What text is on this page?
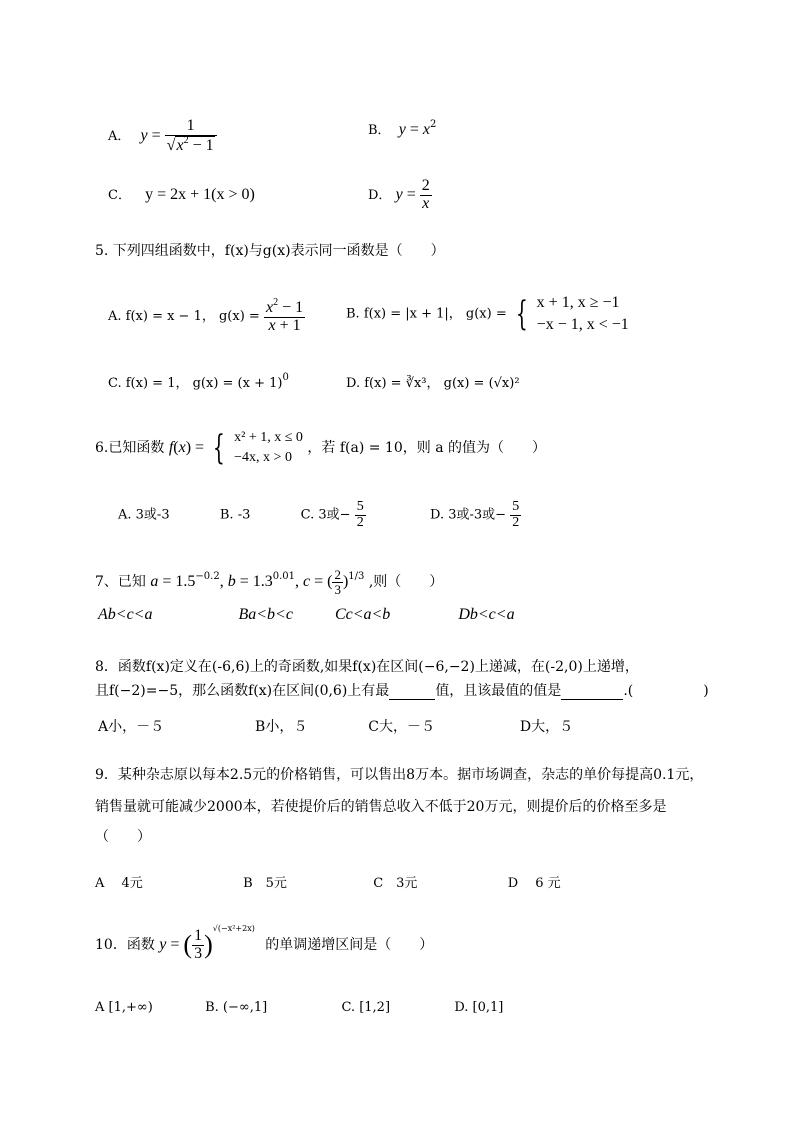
A． $y = \frac{1}{√x^2 - 1}$	B． $y = x^2$
C． y = 2x + 1(x > 0)	D． $y = \frac{2}{x}$
5. 下列四组函数中，f(x)与g(x)表示同一函数是（　　）
A. f(x) = x − 1， $g(x) = \frac{x^2 - 1}{x + 1}$	B. f(x) = |x + 1|， g(x) = { x + 1, x ≥ −1
−x − 1, x < −1
C. f(x) = 1， $g(x) = (x + 1)^0$	D. f(x) = ∛x³， g(x) = (√x)²
6.已知函数 f(x) = { x² + 1, x ≤ 0
−4x, x > 0
，若 f(a) = 10，则 a 的值为（　　）
A. 3或-3	B. -3	C. 3或− $\frac{5}{2}$	D. 3或-3或− $\frac{5}{2}$
7、已知 $a = 1.5^{-0.2}$, $b = 1.3^{0.01}$, c = ( $\frac{2}{3} )^{1/3}$ ,则（　　）
Ab<c<a	Ba<b<c	Cc<a<b	Db<c<a
8．函数f(x)定义在(-6,6)上的奇函数,如果f(x)在区间(−6,−2)上递减，在(-2,0)上递增，
且f(−2)=−5，那么函数f(x)在区间(0,6)上有最	值，且该最值的值是	.(　　　　　)
A小，－５	B小，５	C大，－５	D大，５
9．某种杂志原以每本2.5元的价格销售，可以售出8万本。据市场调查，杂志的单价每提高0.1元，
销售量就可能减少2000本，若使提价后的销售总收入不低于20万元，则提价后的价格至多是
（　　）
A　 4元	B　5元	C　3元	D　 6 元
10．函数 y = ( $\frac{1}{3} )^{√(-x^2+2x)}$ 的单调递增区间是（　　）
A [1,+∞)	B. (−∞,1]	C. [1,2]	D. [0,1]
